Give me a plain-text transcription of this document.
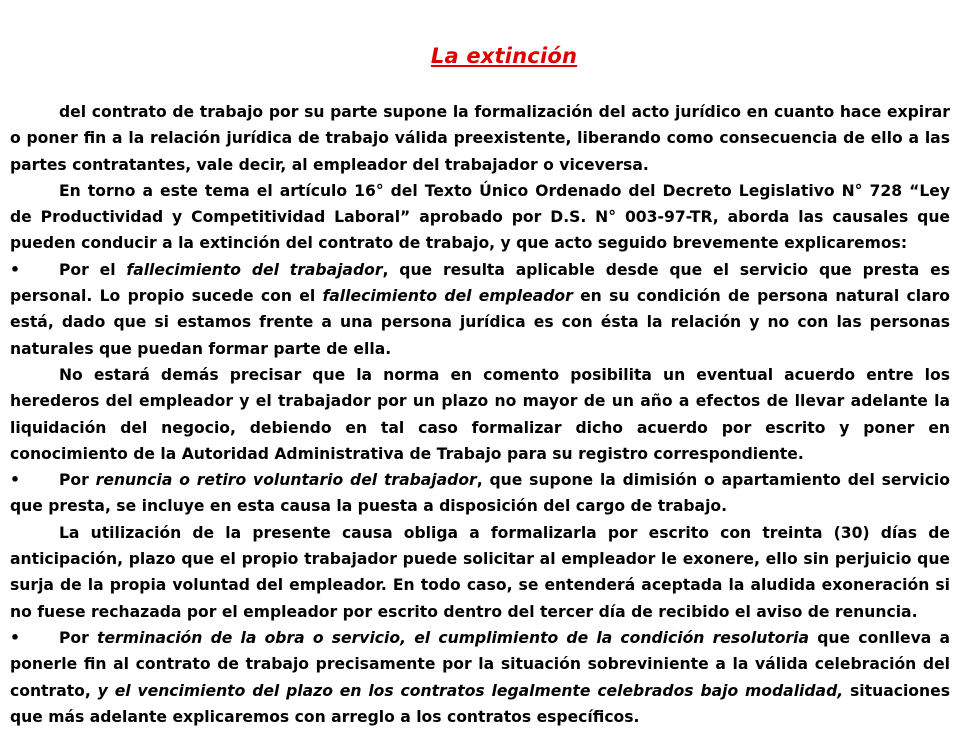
La extinción
del contrato de trabajo por su parte supone la formalización del acto jurídico en cuanto hace expirar o poner fin a la relación jurídica de trabajo válida preexistente, liberando como consecuencia de ello a las partes contratantes, vale decir, al empleador del trabajador o viceversa.
En torno a este tema el artículo 16° del Texto Único Ordenado del Decreto Legislativo N° 728 “Ley de Productividad y Competitividad Laboral” aprobado por D.S. N° 003-97-TR, aborda las causales que pueden conducir a la extinción del contrato de trabajo, y que acto seguido brevemente explicaremos:
•	Por el fallecimiento del trabajador, que resulta aplicable desde que el servicio que presta es personal. Lo propio sucede con el fallecimiento del empleador en su condición de persona natural claro está, dado que si estamos frente a una persona jurídica es con ésta la relación y no con las personas naturales que puedan formar parte de ella.
No estará demás precisar que la norma en comento posibilita un eventual acuerdo entre los herederos del empleador y el trabajador por un plazo no mayor de un año a efectos de llevar adelante la liquidación del negocio, debiendo en tal caso formalizar dicho acuerdo por escrito y poner en conocimiento de la Autoridad Administrativa de Trabajo para su registro correspondiente.
•	Por renuncia o retiro voluntario del trabajador, que supone la dimisión o apartamiento del servicio que presta, se incluye en esta causa la puesta a disposición del cargo de trabajo.
La utilización de la presente causa obliga a formalizarla por escrito con treinta (30) días de anticipación, plazo que el propio trabajador puede solicitar al empleador le exonere, ello sin perjuicio que surja de la propia voluntad del empleador. En todo caso, se entenderá aceptada la aludida exoneración si no fuese rechazada por el empleador por escrito dentro del tercer día de recibido el aviso de renuncia.
•	Por terminación de la obra o servicio, el cumplimiento de la condición resolutoria que conlleva a ponerle fin al contrato de trabajo precisamente por la situación sobreviniente a la válida celebración del contrato, y el vencimiento del plazo en los contratos legalmente celebrados bajo modalidad, situaciones que más adelante explicaremos con arreglo a los contratos específicos.
